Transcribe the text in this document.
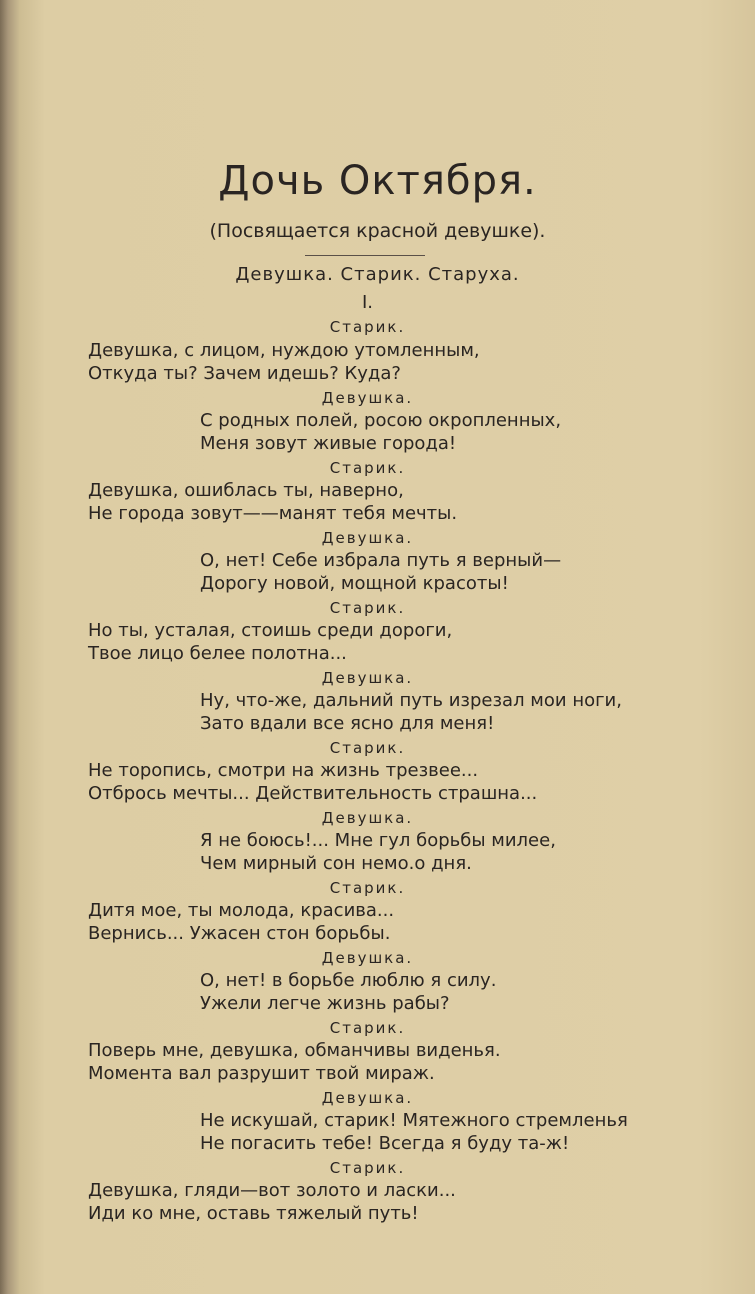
Дочь Октября.
(Посвящается красной девушке).
Девушка. Старик. Старуха.
I.
Старик.
Девушка, с лицом, нуждою утомленным,
Откуда ты? Зачем идешь? Куда?
Девушка.
С родных полей, росою окропленных,
Меня зовут живые города!
Старик.
Девушка, ошиблась ты, наверно,
Не города зовут——манят тебя мечты.
Девушка.
О, нет! Себе избрала путь я верный—
Дорогу новой, мощной красоты!
Старик.
Но ты, усталая, стоишь среди дороги,
Твое лицо белее полотна...
Девушка.
Ну, что-же, дальний путь изрезал мои ноги,
Зато вдали все ясно для меня!
Старик.
Не торопись, смотри на жизнь трезвее...
Отбрось мечты... Действительность страшна...
Девушка.
Я не боюсь!... Мне гул борьбы милее,
Чем мирный сон немо.о дня.
Старик.
Дитя мое, ты молода, красива...
Вернись... Ужасен стон борьбы.
Девушка.
О, нет! в борьбе люблю я силу.
Ужели легче жизнь рабы?
Старик.
Поверь мне, девушка, обманчивы виденья.
Момента вал разрушит твой мираж.
Девушка.
Не искушай, старик! Мятежного стремленья
Не погасить тебе! Всегда я буду та-ж!
Старик.
Девушка, гляди—вот золото и ласки...
Иди ко мне, оставь тяжелый путь!
